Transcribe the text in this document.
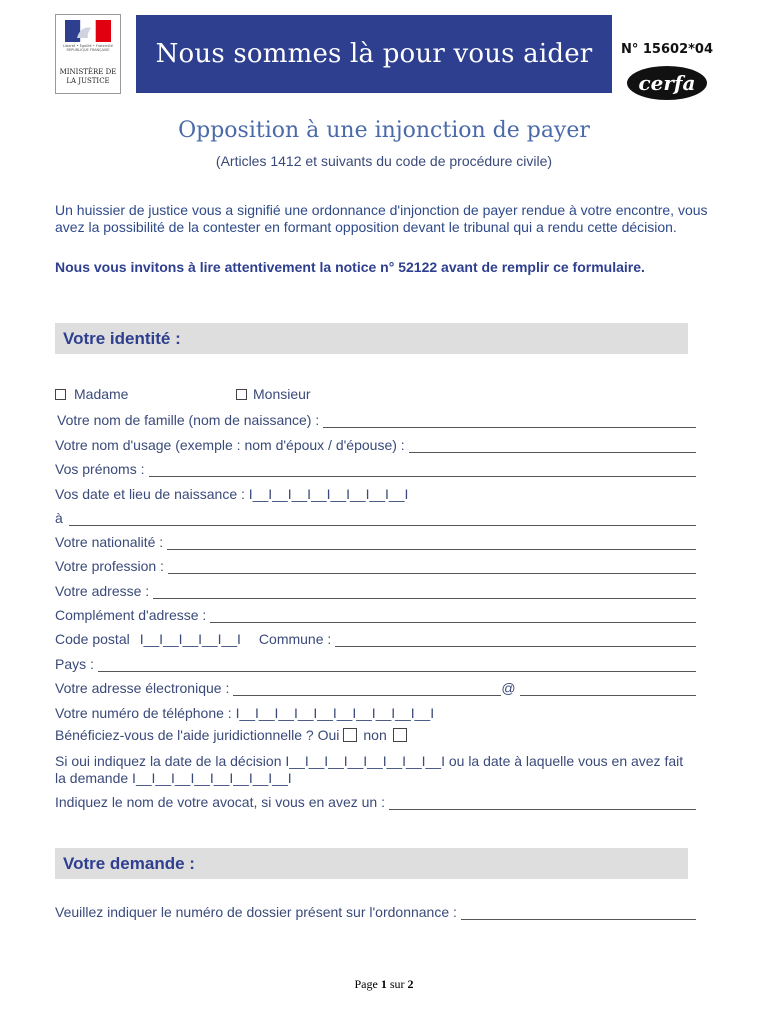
Liberté • Égalité • Fraternité RÉPUBLIQUE FRANÇAISE
MINISTÈRE DE LA JUSTICE
Nous sommes là pour vous aider	N° 15602*04
cerfa
Opposition à une injonction de payer
(Articles 1412 et suivants du code de procédure civile)
Un huissier de justice vous a signifié une ordonnance d'injonction de payer rendue à votre encontre, vous avez la possibilité de la contester en formant opposition devant le tribunal qui a rendu cette décision.
Nous vous invitons à lire attentivement la notice n° 52122 avant de remplir ce formulaire.
Votre identité :
Madame	Monsieur
Votre nom de famille (nom de naissance) :
Votre nom d'usage (exemple : nom d'époux / d'épouse) :
Vos prénoms :
Vos date et lieu de naissance : I__I__I__I__I__I__I__I__I
à
Votre nationalité :
Votre profession :
Votre adresse :
Complément d'adresse :
Code postal I__I__I__I__I__I Commune :
Pays :
Votre adresse électronique :	@
Votre numéro de téléphone : I__I__I__I__I__I__I__I__I__I__I
Bénéficiez-vous de l'aide juridictionnelle ? Oui non
Si oui indiquez la date de la décision I__I__I__I__I__I__I__I__I ou la date à laquelle vous en avez fait
la demande I__I__I__I__I__I__I__I__I
Indiquez le nom de votre avocat, si vous en avez un :
Votre demande :
Veuillez indiquer le numéro de dossier présent sur l'ordonnance :
Page 1 sur 2
